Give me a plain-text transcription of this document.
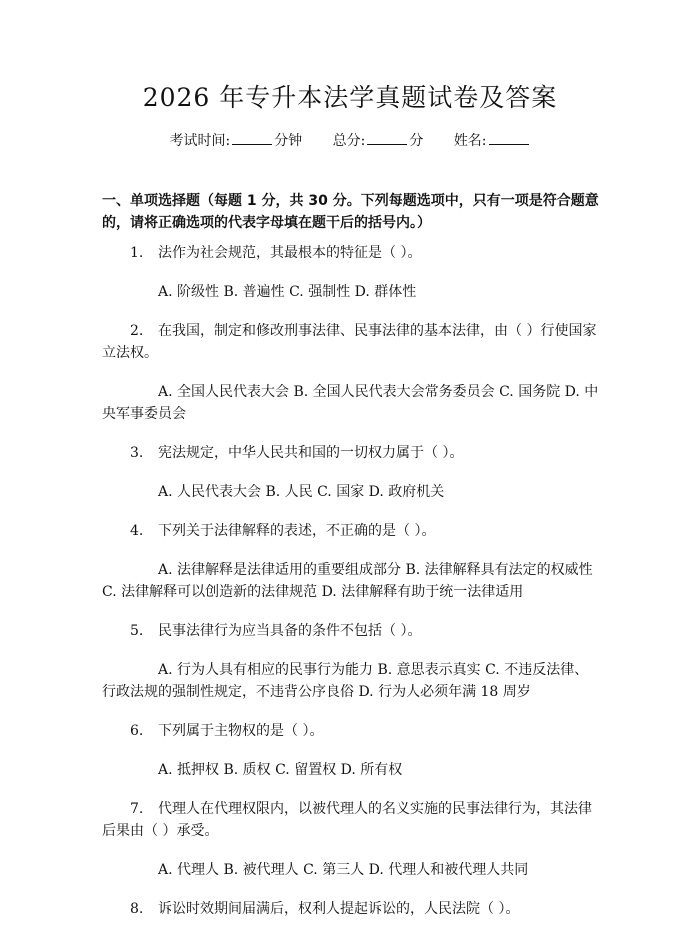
2026 年专升本法学真题试卷及答案
考试时间:	分钟 总分:	分 姓名:
一、单项选择题（每题 1 分，共 30 分。下列每题选项中，只有一项是符合题意的，请将正确选项的代表字母填在题干后的括号内。）

1. 法作为社会规范，其最根本的特征是（ ）。

A. 阶级性 B. 普遍性 C. 强制性 D. 群体性

2. 在我国，制定和修改刑事法律、民事法律的基本法律，由（ ）行使国家立法权。

A. 全国人民代表大会 B. 全国人民代表大会常务委员会 C. 国务院 D. 中央军事委员会

3. 宪法规定，中华人民共和国的一切权力属于（ ）。

A. 人民代表大会 B. 人民 C. 国家 D. 政府机关

4. 下列关于法律解释的表述，不正确的是（ ）。

A. 法律解释是法律适用的重要组成部分 B. 法律解释具有法定的权威性 C. 法律解释可以创造新的法律规范 D. 法律解释有助于统一法律适用

5. 民事法律行为应当具备的条件不包括（ ）。

A. 行为人具有相应的民事行为能力 B. 意思表示真实 C. 不违反法律、行政法规的强制性规定，不违背公序良俗 D. 行为人必须年满 18 周岁

6. 下列属于主物权的是（ ）。

A. 抵押权 B. 质权 C. 留置权 D. 所有权

7. 代理人在代理权限内，以被代理人的名义实施的民事法律行为，其法律后果由（ ）承受。

A. 代理人 B. 被代理人 C. 第三人 D. 代理人和被代理人共同

8. 诉讼时效期间届满后，权利人提起诉讼的，人民法院（ ）。
